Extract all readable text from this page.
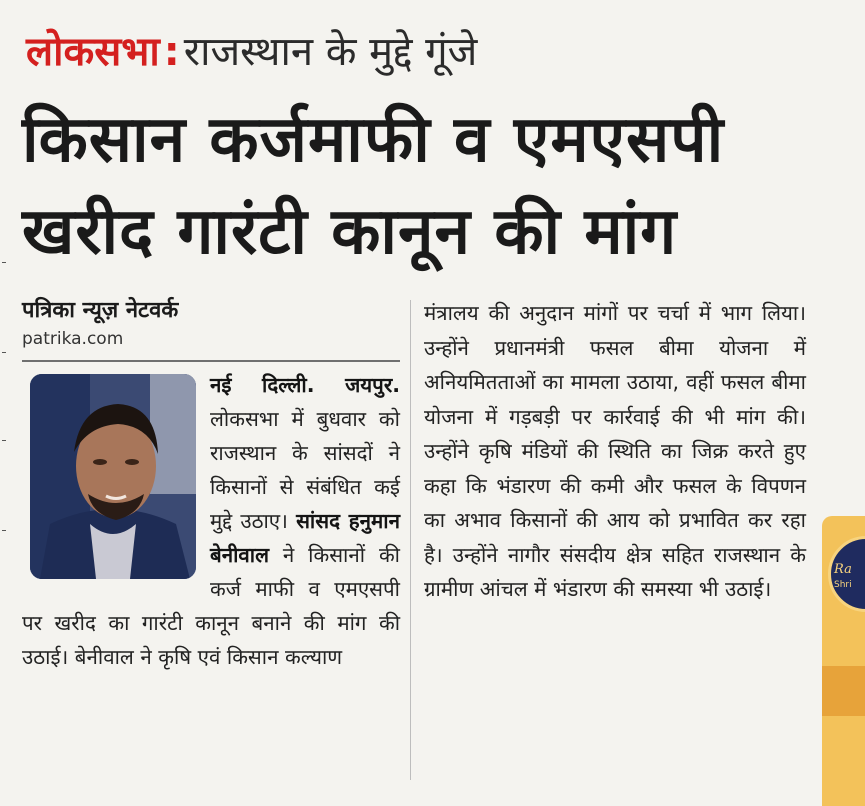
लोकसभा : राजस्थान के मुद्दे गूंजे
किसान कर्जमाफी व एमएसपी
खरीद गारंटी कानून की मांग
पत्रिका न्यूज़ नेटवर्क
patrika.com
नई दिल्ली. जयपुर.
लोकसभा में बुधवार को राजस्थान के सांसदों ने किसानों से संबंधित कई मुद्दे उठाए। सांसद हनुमान बेनीवाल ने किसानों की कर्ज माफी व एमएसपी पर खरीद का गारंटी कानून बनाने की मांग की उठाई। बेनीवाल ने कृषि एवं किसान कल्याण
मंत्रालय की अनुदान मांगों पर चर्चा में भाग लिया। उन्होंने प्रधानमंत्री फसल बीमा योजना में अनियमितताओं का मामला उठाया, वहीं फसल बीमा योजना में गड़बड़ी पर कार्रवाई की भी मांग की। उन्होंने कृषि मंडियों की स्थिति का जिक्र करते हुए कहा कि भंडारण की कमी और फसल के विपणन का अभाव किसानों की आय को प्रभावित कर रहा है। उन्होंने नागौर संसदीय क्षेत्र सहित राजस्थान के ग्रामीण आंचल में भंडारण की समस्या भी उठाई।
Ra
Shri
